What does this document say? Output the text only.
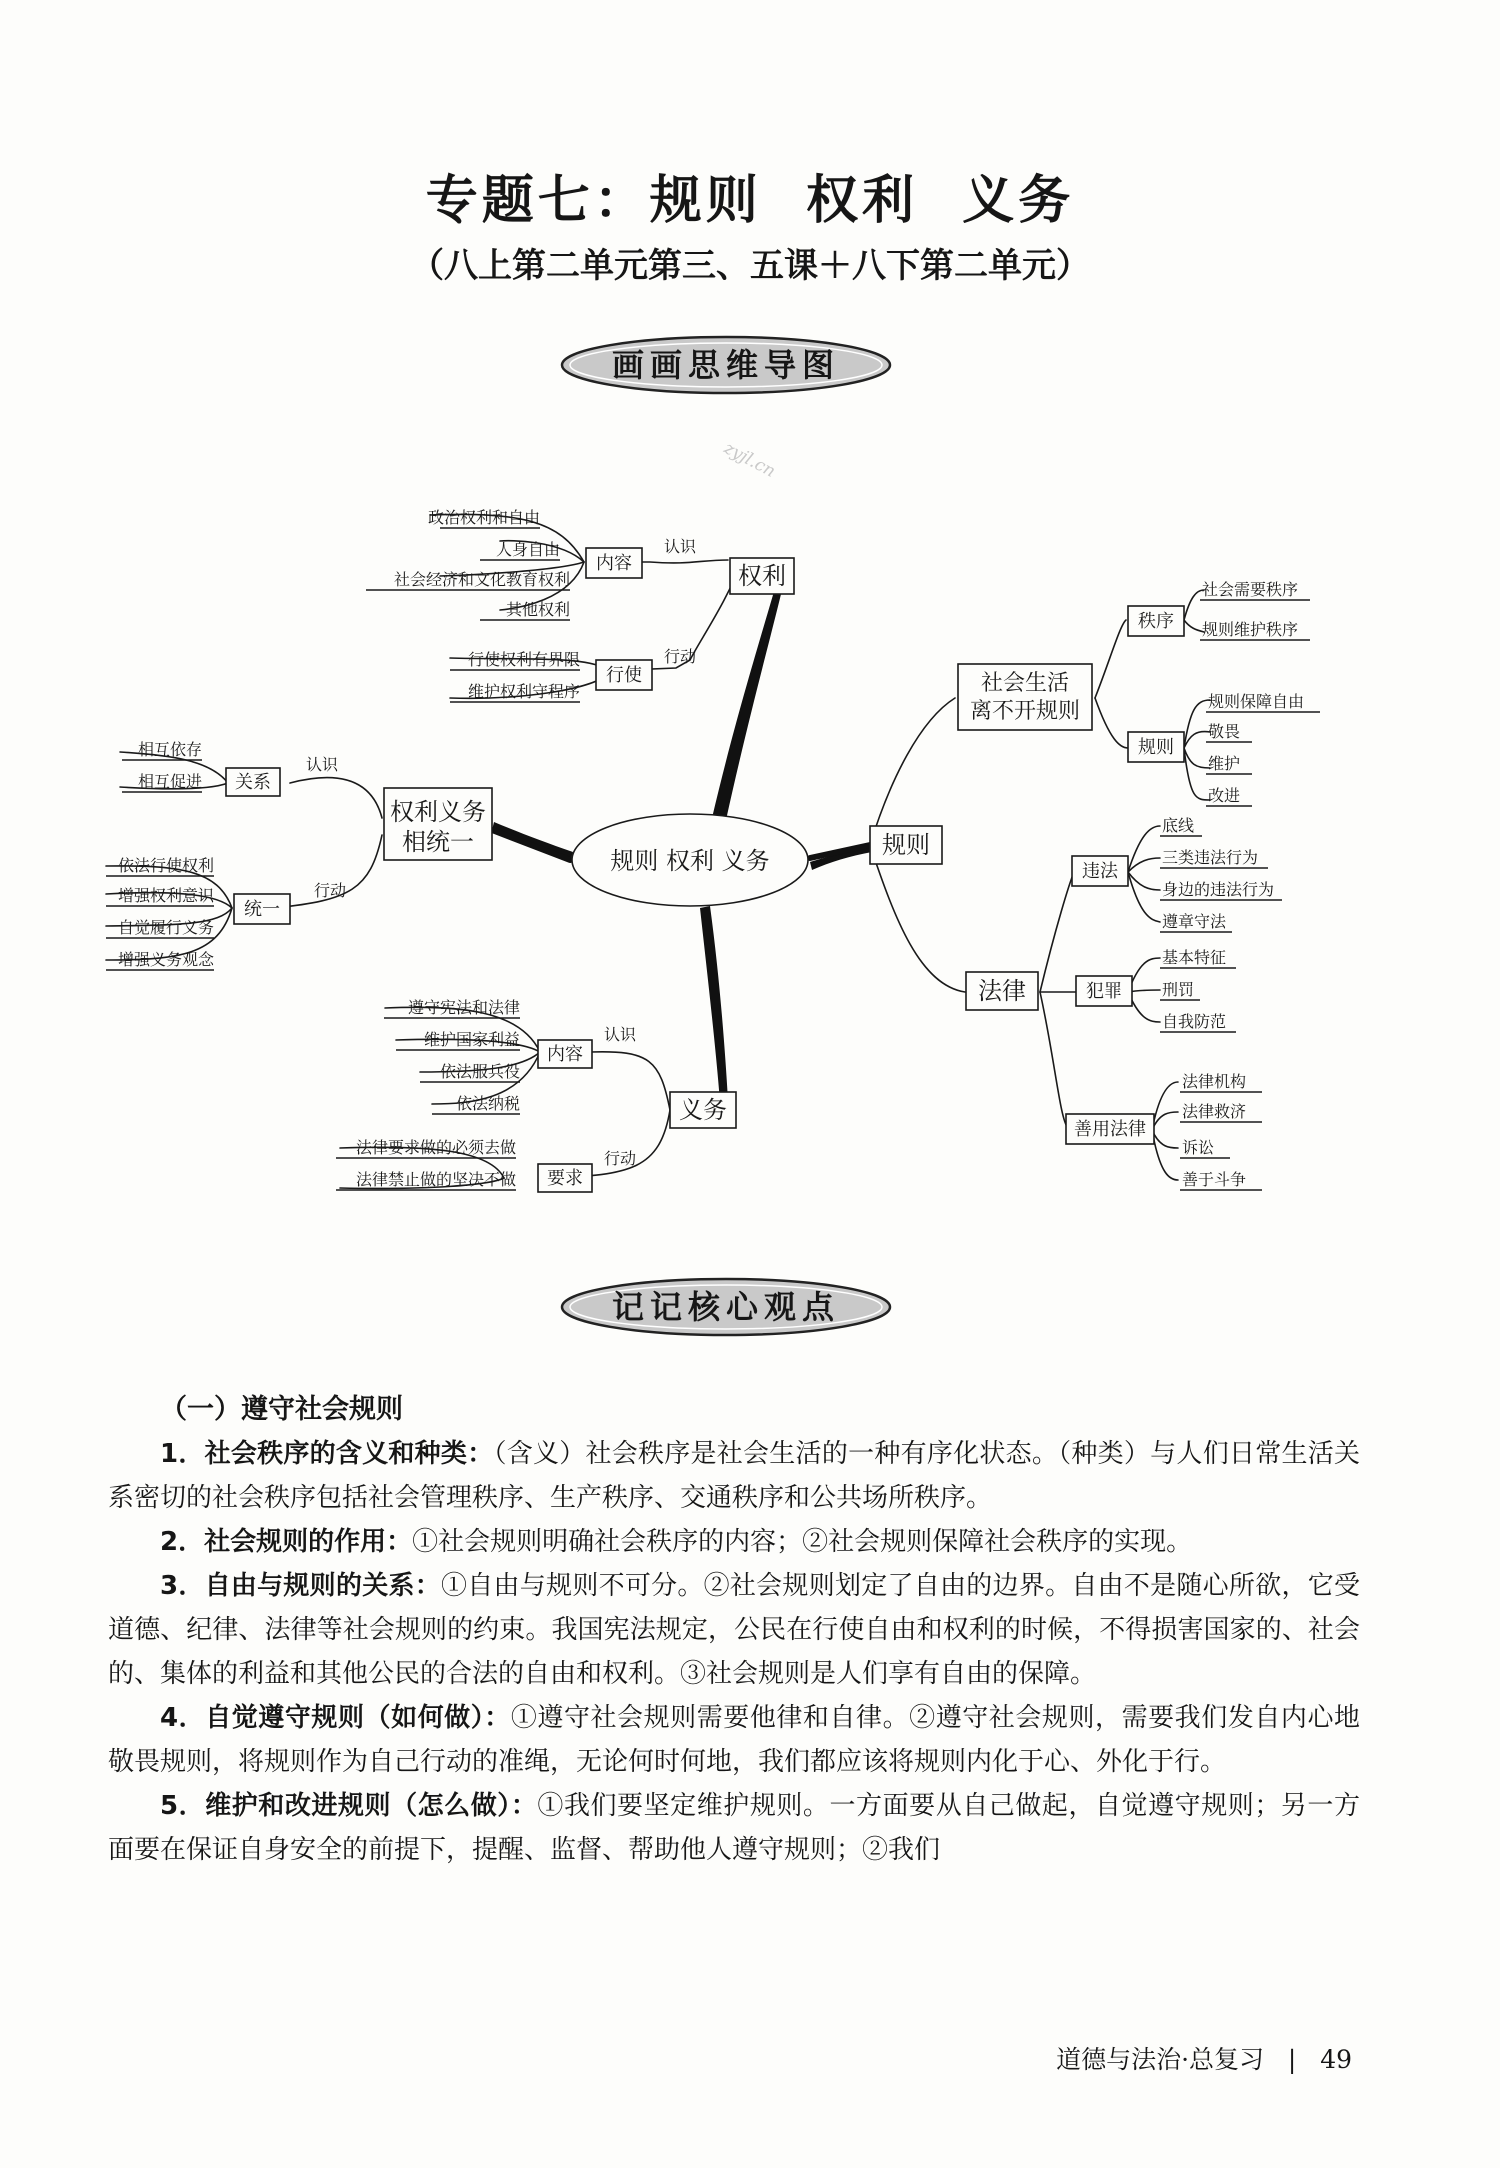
专题七：规则  权利  义务
（八上第二单元第三、五课＋八下第二单元）
画画思维导图
zyjl.cn
规则 权利 义务
权利
权利义务
相统一
义务
规则
社会生活
离不开规则
法律
内容
行使
关系
统一
内容
要求
秩序
规则
违法
犯罪
善用法律
认识
行动
认识
行动
认识
行动
政治权利和自由
人身自由
社会经济和文化教育权利
其他权利
行使权利有界限
维护权利守程序
相互依存
相互促进
依法行使权利
增强权利意识
自觉履行义务
增强义务观念
遵守宪法和法律
维护国家利益
依法服兵役
依法纳税
法律要求做的必须去做
法律禁止做的坚决不做
社会需要秩序
规则维护秩序
规则保障自由
敬畏
维护
改进
底线
三类违法行为
身边的违法行为
遵章守法
基本特征
刑罚
自我防范
法律机构
法律救济
诉讼
善于斗争
记记核心观点
（一）遵守社会规则

1．社会秩序的含义和种类：（含义）社会秩序是社会生活的一种有序化状态。（种类）与人们日常生活关系密切的社会秩序包括社会管理秩序、生产秩序、交通秩序和公共场所秩序。

2．社会规则的作用：①社会规则明确社会秩序的内容；②社会规则保障社会秩序的实现。

3．自由与规则的关系：①自由与规则不可分。②社会规则划定了自由的边界。自由不是随心所欲，它受道德、纪律、法律等社会规则的约束。我国宪法规定，公民在行使自由和权利的时候，不得损害国家的、社会的、集体的利益和其他公民的合法的自由和权利。③社会规则是人们享有自由的保障。

4．自觉遵守规则（如何做）：①遵守社会规则需要他律和自律。②遵守社会规则，需要我们发自内心地敬畏规则，将规则作为自己行动的准绳，无论何时何地，我们都应该将规则内化于心、外化于行。

5．维护和改进规则（怎么做）：①我们要坚定维护规则。一方面要从自己做起，自觉遵守规则；另一方面要在保证自身安全的前提下，提醒、监督、帮助他人遵守规则；②我们

道德与法治·总复习 | 49
